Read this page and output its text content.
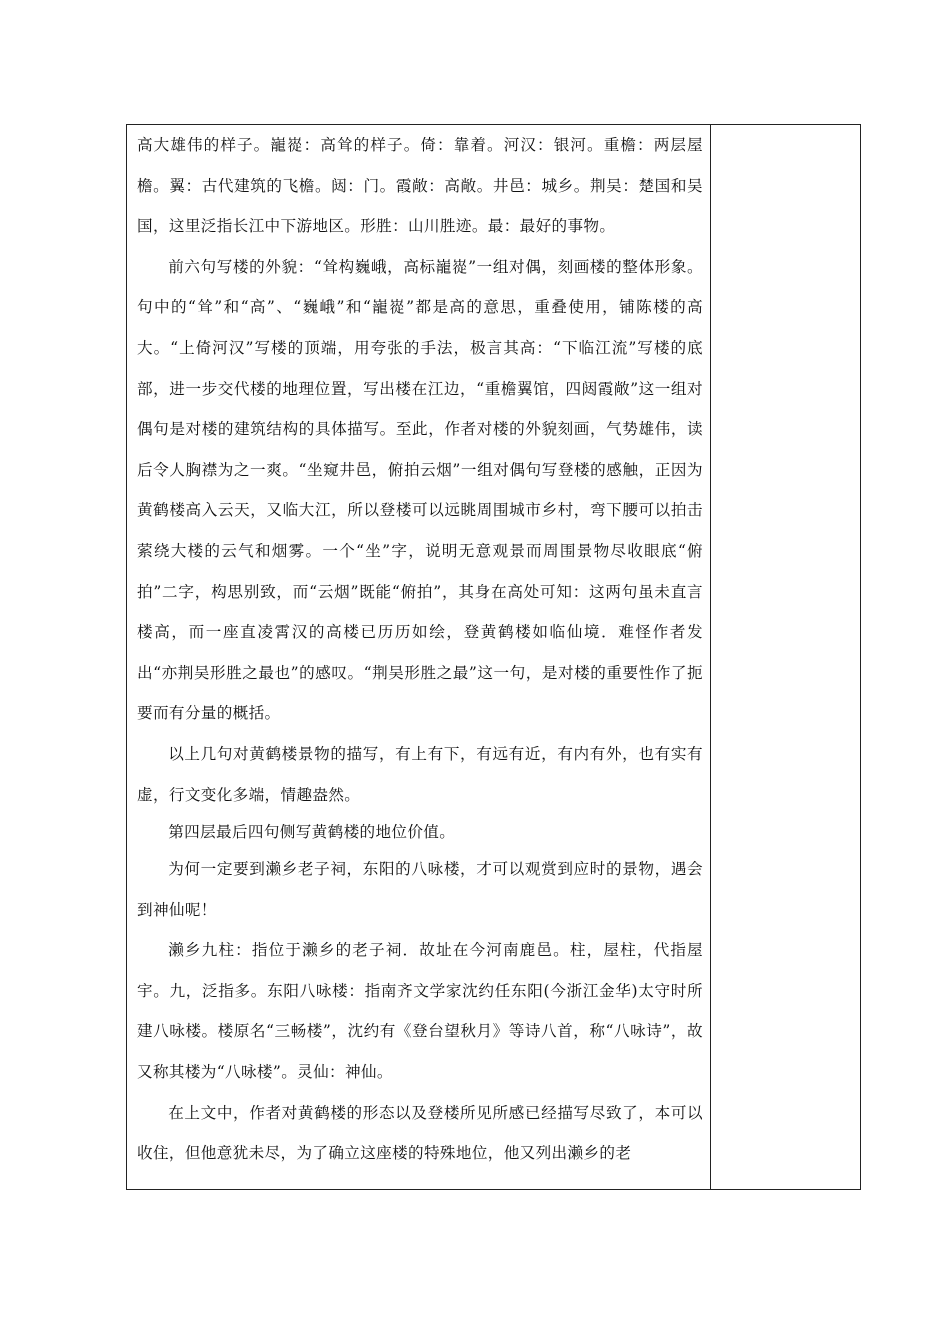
高大雄伟的样子。巃嵸：高耸的样子。倚：靠着。河汉：银河。重檐：两层屋檐。翼：古代建筑的飞檐。闼：门。霞敞：高敞。井邑：城乡。荆吴：楚国和吴国，这里泛指长江中下游地区。形胜：山川胜迹。最：最好的事物。

前六句写楼的外貌：“耸构巍峨，高标巃嵸”一组对偶，刻画楼的整体形象。句中的“耸”和“高”、“巍峨”和“巃嵸”都是高的意思，重叠使用，铺陈楼的高大。“上倚河汉”写楼的顶端，用夸张的手法，极言其高：“下临江流”写楼的底部，进一步交代楼的地理位置，写出楼在江边，“重檐翼馆，四闼霞敞”这一组对偶句是对楼的建筑结构的具体描写。至此，作者对楼的外貌刻画，气势雄伟，读后令人胸襟为之一爽。“坐窥井邑，俯拍云烟”一组对偶句写登楼的感触，正因为黄鹤楼高入云天，又临大江，所以登楼可以远眺周围城市乡村，弯下腰可以拍击萦绕大楼的云气和烟雾。一个“坐”字，说明无意观景而周围景物尽收眼底“俯拍”二字，构思别致，而“云烟”既能“俯拍”，其身在高处可知：这两句虽未直言楼高，而一座直凌霄汉的高楼已历历如绘，登黄鹤楼如临仙境．难怪作者发出“亦荆吴形胜之最也”的感叹。“荆吴形胜之最”这一句，是对楼的重要性作了扼要而有分量的概括。

以上几句对黄鹤楼景物的描写，有上有下，有远有近，有内有外，也有实有虚，行文变化多端，情趣盎然。

第四层最后四句侧写黄鹤楼的地位价值。

为何一定要到濑乡老子祠，东阳的八咏楼，才可以观赏到应时的景物，遇会到神仙呢！

濑乡九柱：指位于濑乡的老子祠．故址在今河南鹿邑。柱，屋柱，代指屋宇。九，泛指多。东阳八咏楼：指南齐文学家沈约任东阳(今浙江金华)太守时所建八咏楼。楼原名“三畅楼”，沈约有《登台望秋月》等诗八首，称“八咏诗”，故又称其楼为“八咏楼”。灵仙：神仙。

在上文中，作者对黄鹤楼的形态以及登楼所见所感已经描写尽致了，本可以收住，但他意犹未尽，为了确立这座楼的特殊地位，他又列出濑乡的老
